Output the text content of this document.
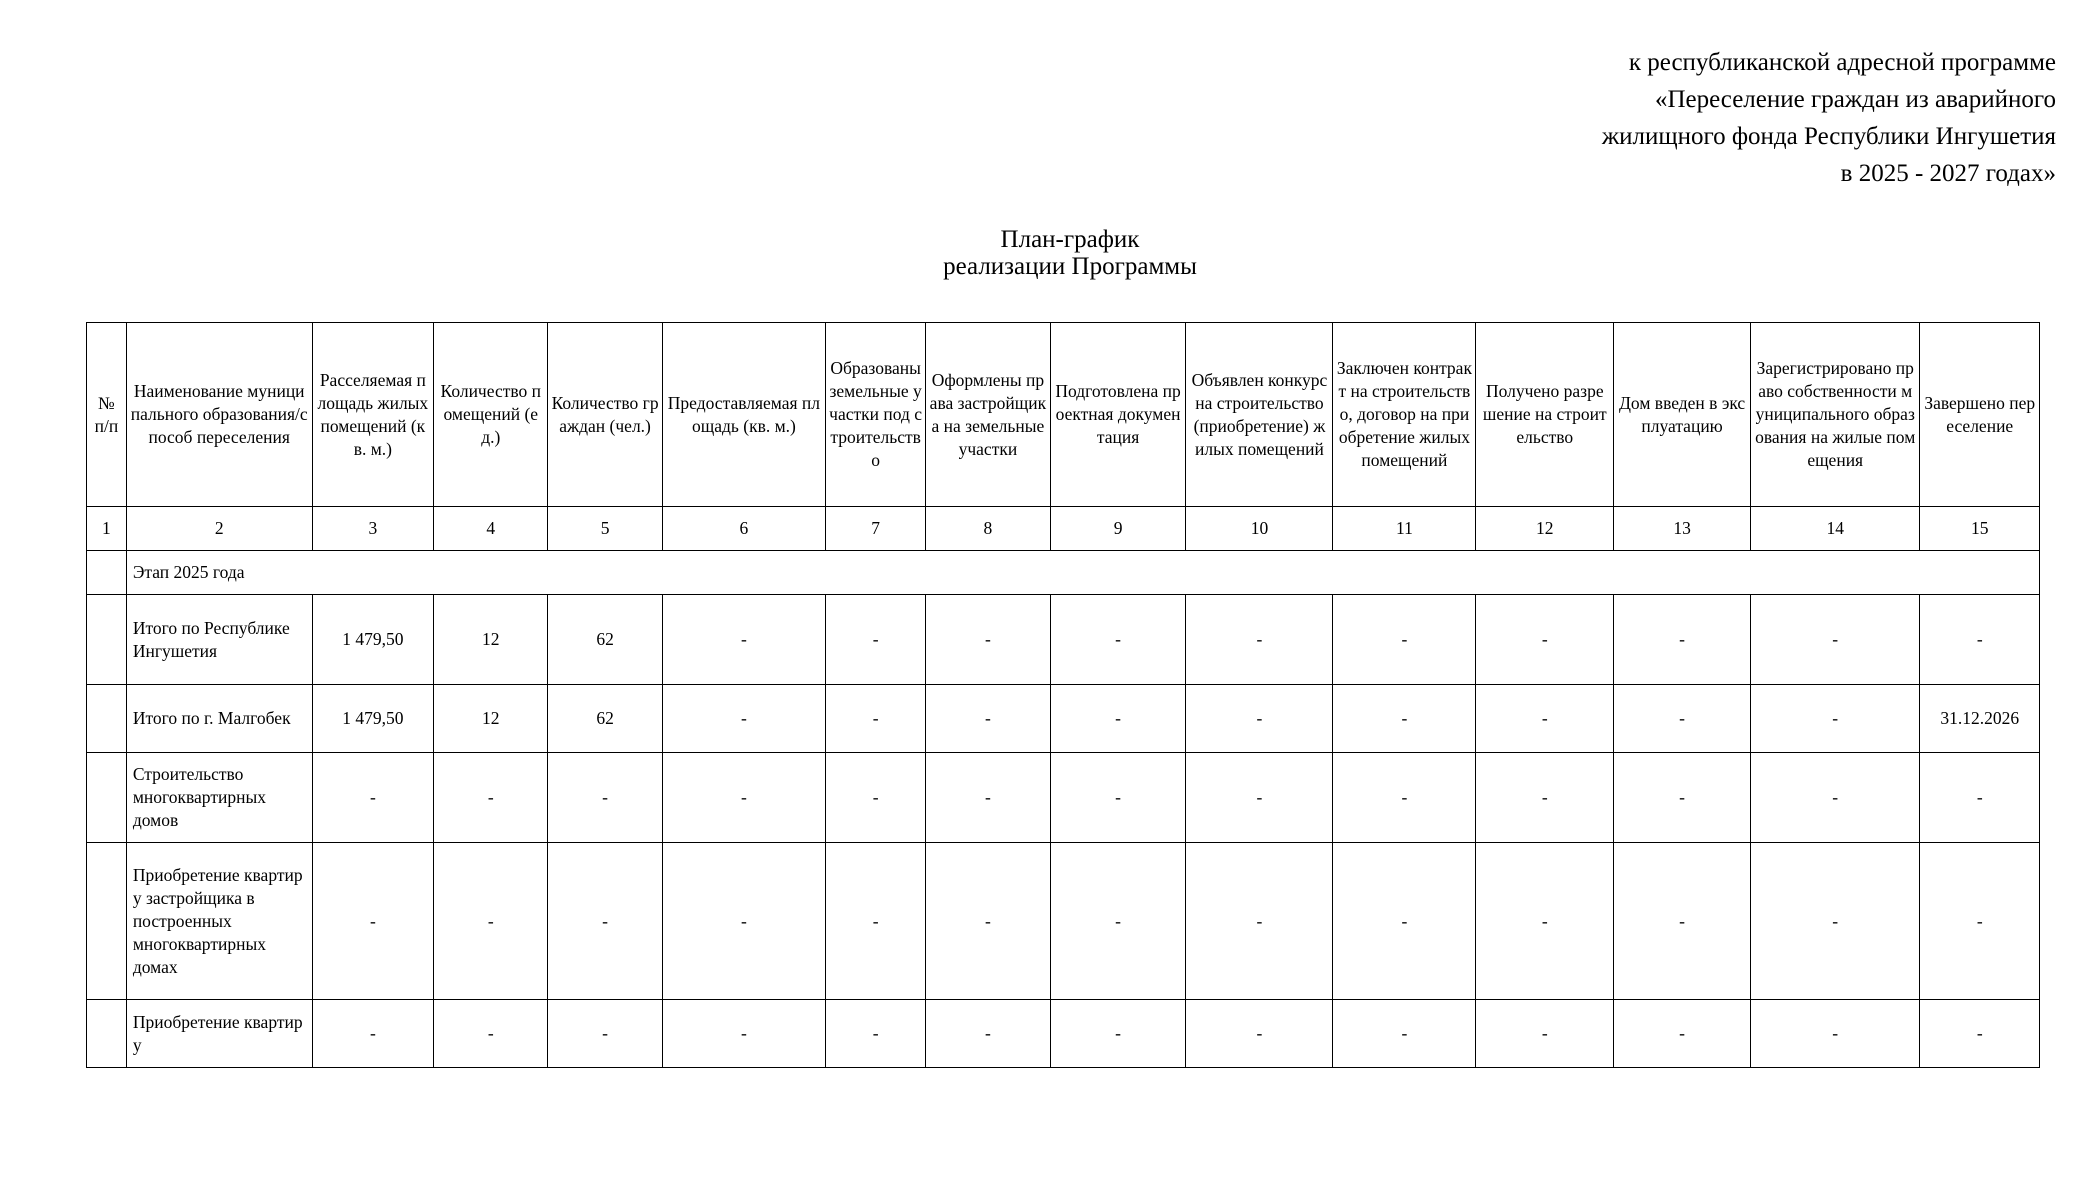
к республиканской адресной программе
«Переселение граждан из аварийного
жилищного фонда Республики Ингушетия
в 2025 - 2027 годах»
План-график
реализации Программы
№ п/п	Наименование муниципального образования/способ переселения	Расселяемая площадь жилых помещений (кв. м.)	Количество помещений (ед.)	Количество граждан (чел.)	Предоставляемая площадь (кв. м.)	Образованы земельные участки под строительство	Оформлены права застройщика на земельные участки	Подготовлена проектная документация	Объявлен конкурс на строительство (приобретение) жилых помещений	Заключен контракт на строительство, договор на приобретение жилых помещений	Получено разрешение на строительство	Дом введен в эксплуатацию	Зарегистрировано право собственности муниципального образования на жилые помещения	Завершено переселение
1	2	3	4	5	6	7	8	9	10	11	12	13	14	15
	Этап 2025 года													
	Итого по Республике Ингушетия	1 479,50	12	62	-	-	-	-	-	-	-	-	-	-
	Итого по г. Малгобек	1 479,50	12	62	-	-	-	-	-	-	-	-	-	31.12.2026
	Строительство многоквартирных домов	-	-	-	-	-	-	-	-	-	-	-	-	-
	Приобретение квартир у застройщика в построенных многоквартирных домах	-	-	-	-	-	-	-	-	-	-	-	-	-
	Приобретение квартир у	-	-	-	-	-	-	-	-	-	-	-	-	-
